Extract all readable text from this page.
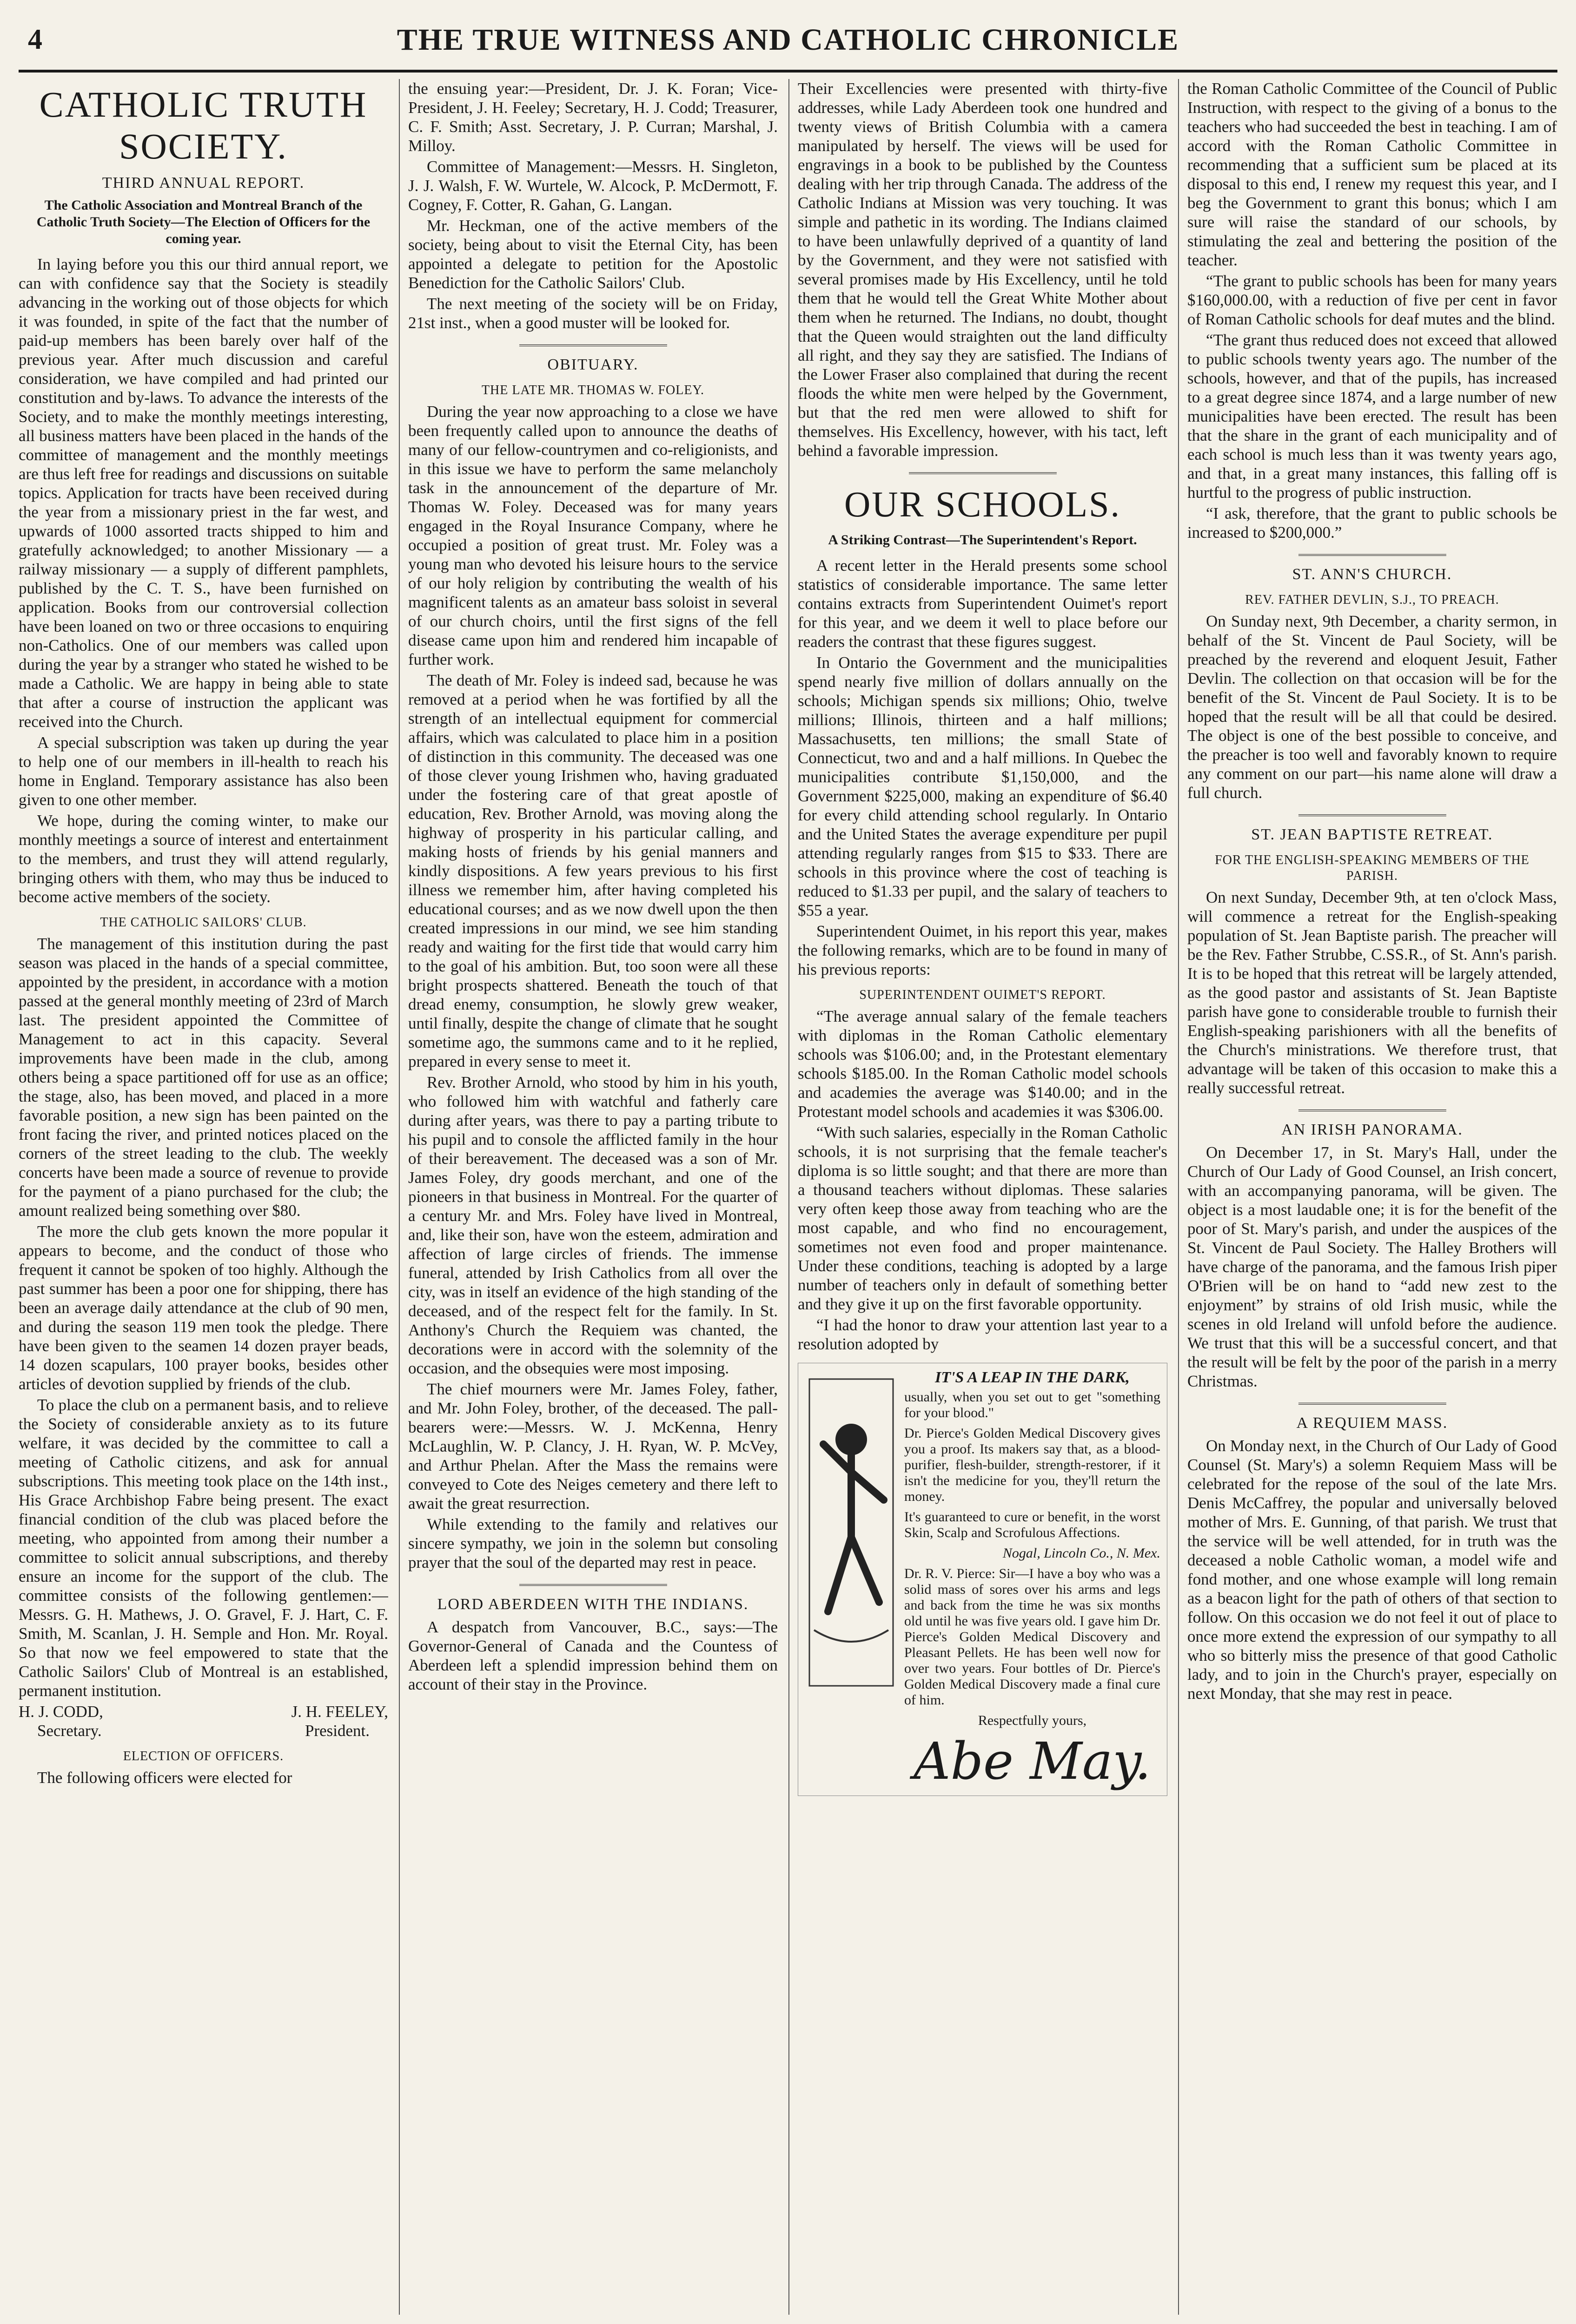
4	THE TRUE WITNESS AND CATHOLIC CHRONICLE
CATHOLIC TRUTH SOCIETY.
THIRD ANNUAL REPORT.
The Catholic Association and Montreal Branch of the Catholic Truth Society—The Election of Officers for the coming year.

In laying before you this our third annual report, we can with confidence say that the Society is steadily advancing in the working out of those objects for which it was founded, in spite of the fact that the number of paid-up members has been barely over half of the previous year. After much discussion and careful consideration, we have compiled and had printed our constitution and by-laws. To advance the interests of the Society, and to make the monthly meetings interesting, all business matters have been placed in the hands of the committee of management and the monthly meetings are thus left free for readings and discussions on suitable topics. Application for tracts have been received during the year from a missionary priest in the far west, and upwards of 1000 assorted tracts shipped to him and gratefully acknowledged; to another Missionary — a railway missionary — a supply of different pamphlets, published by the C. T. S., have been furnished on application. Books from our controversial collection have been loaned on two or three occasions to enquiring non-Catholics. One of our members was called upon during the year by a stranger who stated he wished to be made a Catholic. We are happy in being able to state that after a course of instruction the applicant was received into the Church.

A special subscription was taken up during the year to help one of our members in ill-health to reach his home in England. Temporary assistance has also been given to one other member.

We hope, during the coming winter, to make our monthly meetings a source of interest and entertainment to the members, and trust they will attend regularly, bringing others with them, who may thus be induced to become active members of the society.

THE CATHOLIC SAILORS' CLUB.

The management of this institution during the past season was placed in the hands of a special committee, appointed by the president, in accordance with a motion passed at the general monthly meeting of 23rd of March last. The president appointed the Committee of Management to act in this capacity. Several improvements have been made in the club, among others being a space partitioned off for use as an office; the stage, also, has been moved, and placed in a more favorable position, a new sign has been painted on the front facing the river, and printed notices placed on the corners of the street leading to the club. The weekly concerts have been made a source of revenue to provide for the payment of a piano purchased for the club; the amount realized being something over $80.

The more the club gets known the more popular it appears to become, and the conduct of those who frequent it cannot be spoken of too highly. Although the past summer has been a poor one for shipping, there has been an average daily attendance at the club of 90 men, and during the season 119 men took the pledge. There have been given to the seamen 14 dozen prayer beads, 14 dozen scapulars, 100 prayer books, besides other articles of devotion supplied by friends of the club.

To place the club on a permanent basis, and to relieve the Society of considerable anxiety as to its future welfare, it was decided by the committee to call a meeting of Catholic citizens, and ask for annual subscriptions. This meeting took place on the 14th inst., His Grace Archbishop Fabre being present. The exact financial condition of the club was placed before the meeting, who appointed from among their number a committee to solicit annual subscriptions, and thereby ensure an income for the support of the club. The committee consists of the following gentlemen:— Messrs. G. H. Mathews, J. O. Gravel, F. J. Hart, C. F. Smith, M. Scanlan, J. H. Semple and Hon. Mr. Royal. So that now we feel empowered to state that the Catholic Sailors' Club of Montreal is an established, permanent institution.

H. J. CODD,	J. H. FEELEY,
Secretary.	President.
ELECTION OF OFFICERS.

The following officers were elected for

the ensuing year:—President, Dr. J. K. Foran; Vice-President, J. H. Feeley; Secretary, H. J. Codd; Treasurer, C. F. Smith; Asst. Secretary, J. P. Curran; Marshal, J. Milloy.

Committee of Management:—Messrs. H. Singleton, J. J. Walsh, F. W. Wurtele, W. Alcock, P. McDermott, F. Cogney, F. Cotter, R. Gahan, G. Langan.

Mr. Heckman, one of the active members of the society, being about to visit the Eternal City, has been appointed a delegate to petition for the Apostolic Benediction for the Catholic Sailors' Club.

The next meeting of the society will be on Friday, 21st inst., when a good muster will be looked for.

OBITUARY.
THE LATE MR. THOMAS W. FOLEY.

During the year now approaching to a close we have been frequently called upon to announce the deaths of many of our fellow-countrymen and co-religionists, and in this issue we have to perform the same melancholy task in the announcement of the departure of Mr. Thomas W. Foley. Deceased was for many years engaged in the Royal Insurance Company, where he occupied a position of great trust. Mr. Foley was a young man who devoted his leisure hours to the service of our holy religion by contributing the wealth of his magnificent talents as an amateur bass soloist in several of our church choirs, until the first signs of the fell disease came upon him and rendered him incapable of further work.

The death of Mr. Foley is indeed sad, because he was removed at a period when he was fortified by all the strength of an intellectual equipment for commercial affairs, which was calculated to place him in a position of distinction in this community. The deceased was one of those clever young Irishmen who, having graduated under the fostering care of that great apostle of education, Rev. Brother Arnold, was moving along the highway of prosperity in his particular calling, and making hosts of friends by his genial manners and kindly dispositions. A few years previous to his first illness we remember him, after having completed his educational courses; and as we now dwell upon the then created impressions in our mind, we see him standing ready and waiting for the first tide that would carry him to the goal of his ambition. But, too soon were all these bright prospects shattered. Beneath the touch of that dread enemy, consumption, he slowly grew weaker, until finally, despite the change of climate that he sought sometime ago, the summons came and to it he replied, prepared in every sense to meet it.

Rev. Brother Arnold, who stood by him in his youth, who followed him with watchful and fatherly care during after years, was there to pay a parting tribute to his pupil and to console the afflicted family in the hour of their bereavement. The deceased was a son of Mr. James Foley, dry goods merchant, and one of the pioneers in that business in Montreal. For the quarter of a century Mr. and Mrs. Foley have lived in Montreal, and, like their son, have won the esteem, admiration and affection of large circles of friends. The immense funeral, attended by Irish Catholics from all over the city, was in itself an evidence of the high standing of the deceased, and of the respect felt for the family. In St. Anthony's Church the Requiem was chanted, the decorations were in accord with the solemnity of the occasion, and the obsequies were most imposing.

The chief mourners were Mr. James Foley, father, and Mr. John Foley, brother, of the deceased. The pall-bearers were:—Messrs. W. J. McKenna, Henry McLaughlin, W. P. Clancy, J. H. Ryan, W. P. McVey, and Arthur Phelan. After the Mass the remains were conveyed to Cote des Neiges cemetery and there left to await the great resurrection.

While extending to the family and relatives our sincere sympathy, we join in the solemn but consoling prayer that the soul of the departed may rest in peace.

LORD ABERDEEN WITH THE INDIANS.

A despatch from Vancouver, B.C., says:—The Governor-General of Canada and the Countess of Aberdeen left a splendid impression behind them on account of their stay in the Province.

Their Excellencies were presented with thirty-five addresses, while Lady Aberdeen took one hundred and twenty views of British Columbia with a camera manipulated by herself. The views will be used for engravings in a book to be published by the Countess dealing with her trip through Canada. The address of the Catholic Indians at Mission was very touching. It was simple and pathetic in its wording. The Indians claimed to have been unlawfully deprived of a quantity of land by the Government, and they were not satisfied with several promises made by His Excellency, until he told them that he would tell the Great White Mother about them when he returned. The Indians, no doubt, thought that the Queen would straighten out the land difficulty all right, and they say they are satisfied. The Indians of the Lower Fraser also complained that during the recent floods the white men were helped by the Government, but that the red men were allowed to shift for themselves. His Excellency, however, with his tact, left behind a favorable impression.

OUR SCHOOLS.
A Striking Contrast—The Superintendent's Report.

A recent letter in the Herald presents some school statistics of considerable importance. The same letter contains extracts from Superintendent Ouimet's report for this year, and we deem it well to place before our readers the contrast that these figures suggest.

In Ontario the Government and the municipalities spend nearly five million of dollars annually on the schools; Michigan spends six millions; Ohio, twelve millions; Illinois, thirteen and a half millions; Massachusetts, ten millions; the small State of Connecticut, two and and a half millions. In Quebec the municipalities contribute $1,150,000, and the Government $225,000, making an expenditure of $6.40 for every child attending school regularly. In Ontario and the United States the average expenditure per pupil attending regularly ranges from $15 to $33. There are schools in this province where the cost of teaching is reduced to $1.33 per pupil, and the salary of teachers to $55 a year.

Superintendent Ouimet, in his report this year, makes the following remarks, which are to be found in many of his previous reports:

SUPERINTENDENT OUIMET'S REPORT.

“The average annual salary of the female teachers with diplomas in the Roman Catholic elementary schools was $106.00; and, in the Protestant elementary schools $185.00. In the Roman Catholic model schools and academies the average was $140.00; and in the Protestant model schools and academies it was $306.00.

“With such salaries, especially in the Roman Catholic schools, it is not surprising that the female teacher's diploma is so little sought; and that there are more than a thousand teachers without diplomas. These salaries very often keep those away from teaching who are the most capable, and who find no encouragement, sometimes not even food and proper maintenance. Under these conditions, teaching is adopted by a large number of teachers only in default of something better and they give it up on the first favorable opportunity.

“I had the honor to draw your attention last year to a resolution adopted by

IT'S A LEAP IN THE DARK,

usually, when you set out to get "something for your blood."

Dr. Pierce's Golden Medical Discovery gives you a proof. Its makers say that, as a blood-purifier, flesh-builder, strength-restorer, if it isn't the medicine for you, they'll return the money.

It's guaranteed to cure or benefit, in the worst Skin, Scalp and Scrofulous Affections.

Nogal, Lincoln Co., N. Mex.

Dr. R. V. Pierce: Sir—I have a boy who was a solid mass of sores over his arms and legs and back from the time he was six months old until he was five years old. I gave him Dr. Pierce's Golden Medical Discovery and Pleasant Pellets. He has been well now for over two years. Four bottles of Dr. Pierce's Golden Medical Discovery made a final cure of him.

Respectfully yours,
Abe May.

the Roman Catholic Committee of the Council of Public Instruction, with respect to the giving of a bonus to the teachers who had succeeded the best in teaching. I am of accord with the Roman Catholic Committee in recommending that a sufficient sum be placed at its disposal to this end, I renew my request this year, and I beg the Government to grant this bonus; which I am sure will raise the standard of our schools, by stimulating the zeal and bettering the position of the teacher.

“The grant to public schools has been for many years $160,000.00, with a reduction of five per cent in favor of Roman Catholic schools for deaf mutes and the blind.

“The grant thus reduced does not exceed that allowed to public schools twenty years ago. The number of the schools, however, and that of the pupils, has increased to a great degree since 1874, and a large number of new municipalities have been erected. The result has been that the share in the grant of each municipality and of each school is much less than it was twenty years ago, and that, in a great many instances, this falling off is hurtful to the progress of public instruction.

“I ask, therefore, that the grant to public schools be increased to $200,000.”

ST. ANN'S CHURCH.
REV. FATHER DEVLIN, S.J., TO PREACH.

On Sunday next, 9th December, a charity sermon, in behalf of the St. Vincent de Paul Society, will be preached by the reverend and eloquent Jesuit, Father Devlin. The collection on that occasion will be for the benefit of the St. Vincent de Paul Society. It is to be hoped that the result will be all that could be desired. The object is one of the best possible to conceive, and the preacher is too well and favorably known to require any comment on our part—his name alone will draw a full church.

ST. JEAN BAPTISTE RETREAT.
FOR THE ENGLISH-SPEAKING MEMBERS OF THE PARISH.

On next Sunday, December 9th, at ten o'clock Mass, will commence a retreat for the English-speaking population of St. Jean Baptiste parish. The preacher will be the Rev. Father Strubbe, C.SS.R., of St. Ann's parish. It is to be hoped that this retreat will be largely attended, as the good pastor and assistants of St. Jean Baptiste parish have gone to considerable trouble to furnish their English-speaking parishioners with all the benefits of the Church's ministrations. We therefore trust, that advantage will be taken of this occasion to make this a really successful retreat.

AN IRISH PANORAMA.

On December 17, in St. Mary's Hall, under the Church of Our Lady of Good Counsel, an Irish concert, with an accompanying panorama, will be given. The object is a most laudable one; it is for the benefit of the poor of St. Mary's parish, and under the auspices of the St. Vincent de Paul Society. The Halley Brothers will have charge of the panorama, and the famous Irish piper O'Brien will be on hand to “add new zest to the enjoyment” by strains of old Irish music, while the scenes in old Ireland will unfold before the audience. We trust that this will be a successful concert, and that the result will be felt by the poor of the parish in a merry Christmas.

A REQUIEM MASS.

On Monday next, in the Church of Our Lady of Good Counsel (St. Mary's) a solemn Requiem Mass will be celebrated for the repose of the soul of the late Mrs. Denis McCaffrey, the popular and universally beloved mother of Mrs. E. Gunning, of that parish. We trust that the service will be well attended, for in truth was the deceased a noble Catholic woman, a model wife and fond mother, and one whose example will long remain as a beacon light for the path of others of that section to follow. On this occasion we do not feel it out of place to once more extend the expression of our sympathy to all who so bitterly miss the presence of that good Catholic lady, and to join in the Church's prayer, especially on next Monday, that she may rest in peace.
